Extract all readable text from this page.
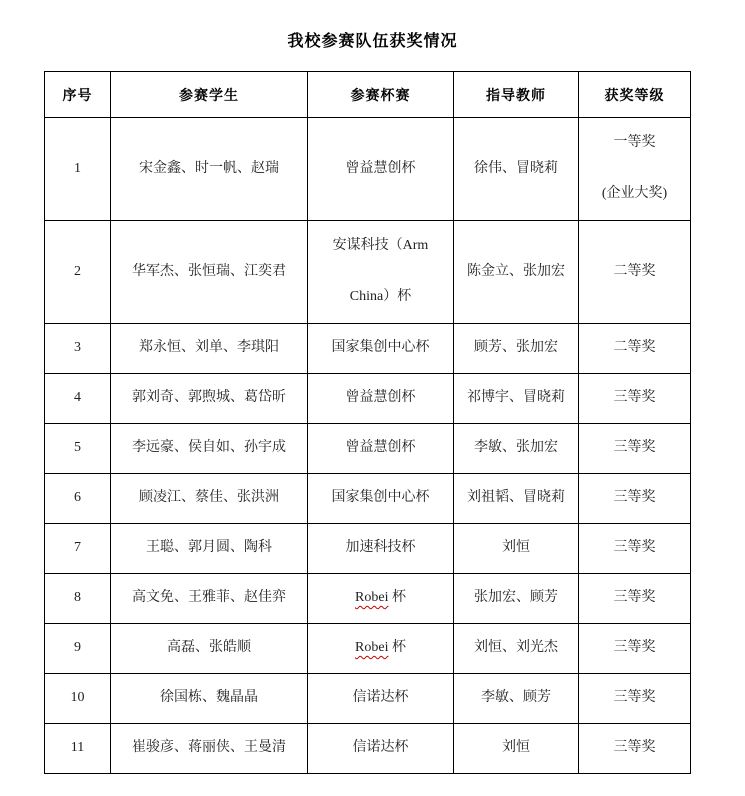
我校参赛队伍获奖情况
序号	参赛学生	参赛杯赛	指导教师	获奖等级

1	宋金鑫、时一帆、赵瑞	曾益慧创杯	徐伟、冒晓莉	一等奖
(企业大奖)

2	华军杰、张恒瑞、江奕君	安谋科技（Arm
China）杯	陈金立、张加宏	二等奖

3	郑永恒、刘单、李琪阳	国家集创中心杯	顾芳、张加宏	二等奖

4	郭刘奇、郭煦城、葛岱昕	曾益慧创杯	祁博宇、冒晓莉	三等奖

5	李远豪、侯自如、孙宇成	曾益慧创杯	李敏、张加宏	三等奖

6	顾凌江、蔡佳、张洪洲	国家集创中心杯	刘祖韬、冒晓莉	三等奖

7	王聪、郭月圆、陶科	加速科技杯	刘恒	三等奖

8	高文免、王雅菲、赵佳弈	Robei 杯	张加宏、顾芳	三等奖

9	高磊、张皓顺	Robei 杯	刘恒、刘光杰	三等奖

10	徐国栋、魏晶晶	信诺达杯	李敏、顾芳	三等奖

11	崔骏彦、蒋丽侠、王曼清	信诺达杯	刘恒	三等奖
